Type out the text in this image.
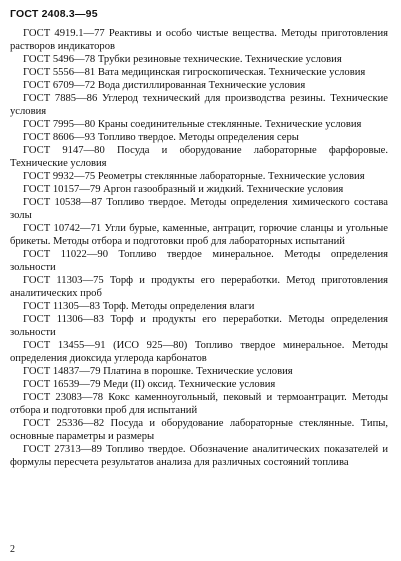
ГОСТ 2408.3—95

ГОСТ 4919.1—77 Реактивы и особо чистые вещества. Методы приготовления растворов индикаторов

ГОСТ 5496—78 Трубки резиновые технические. Технические условия

ГОСТ 5556—81 Вата медицинская гигроскопическая. Технические условия

ГОСТ 6709—72 Вода дистиллированная Технические условия

ГОСТ 7885—86 Углерод технический для производства резины. Технические условия

ГОСТ 7995—80 Краны соединительные стеклянные. Технические условия

ГОСТ 8606—93 Топливо твердое. Методы определения серы

ГОСТ 9147—80 Посуда и оборудование лабораторные фарфоровые. Технические условия

ГОСТ 9932—75 Реометры стеклянные лабораторные. Технические условия

ГОСТ 10157—79 Аргон газообразный и жидкий. Технические условия

ГОСТ 10538—87 Топливо твердое. Методы определения химического состава золы

ГОСТ 10742—71 Угли бурые, каменные, антрацит, горючие сланцы и угольные брикеты. Методы отбора и подготовки проб для лабораторных испытаний

ГОСТ 11022—90 Топливо твердое минеральное. Методы определения зольности

ГОСТ 11303—75 Торф и продукты его переработки. Метод приготовления аналитических проб

ГОСТ 11305—83 Торф. Методы определения влаги

ГОСТ 11306—83 Торф и продукты его переработки. Методы определения зольности

ГОСТ 13455—91 (ИСО 925—80) Топливо твердое минеральное. Методы определения диоксида углерода карбонатов

ГОСТ 14837—79 Платина в порошке. Технические условия

ГОСТ 16539—79 Меди (II) оксид. Технические условия

ГОСТ 23083—78 Кокс каменноугольный, пековый и термоантрацит. Методы отбора и подготовки проб для испытаний

ГОСТ 25336—82 Посуда и оборудование лабораторные стеклянные. Типы, основные параметры и размеры

ГОСТ 27313—89 Топливо твердое. Обозначение аналитических показателей и формулы пересчета результатов анализа для различных состояний топлива

2
